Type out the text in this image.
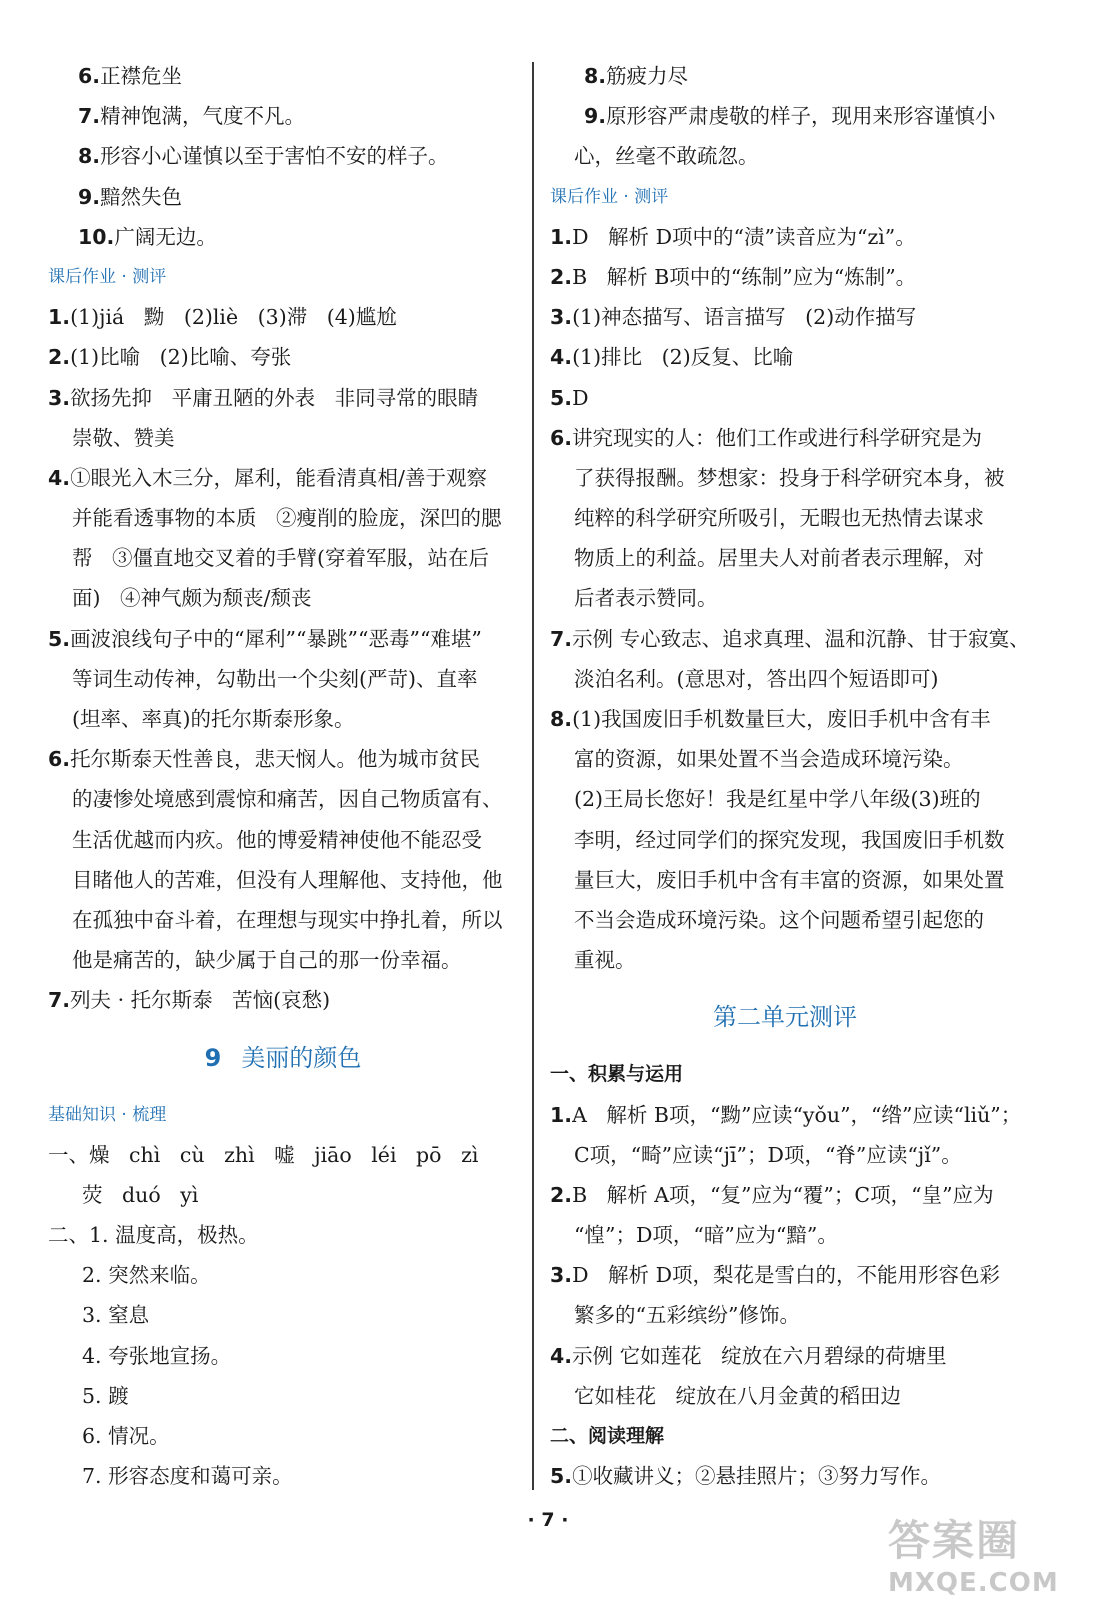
6.正襟危坐
7.精神饱满，气度不凡。
8.形容小心谨慎以至于害怕不安的样子。
9.黯然失色
10.广阔无边。
课后作业 · 测评
1.(1)jiá   黝   (2)liè   (3)滞   (4)尴尬
2.(1)比喻   (2)比喻、夸张
3.欲扬先抑   平庸丑陋的外表   非同寻常的眼睛
崇敬、赞美
4.①眼光入木三分，犀利，能看清真相/善于观察
并能看透事物的本质   ②瘦削的脸庞，深凹的腮
帮   ③僵直地交叉着的手臂(穿着军服，站在后
面)   ④神气颇为颓丧/颓丧
5.画波浪线句子中的“犀利”“暴跳”“恶毒”“难堪”
等词生动传神，勾勒出一个尖刻(严苛)、直率
(坦率、率真)的托尔斯泰形象。
6.托尔斯泰天性善良，悲天悯人。他为城市贫民
的凄惨处境感到震惊和痛苦，因自己物质富有、
生活优越而内疚。他的博爱精神使他不能忍受
目睹他人的苦难，但没有人理解他、支持他，他
在孤独中奋斗着，在理想与现实中挣扎着，所以
他是痛苦的，缺少属于自己的那一份幸福。
7.列夫 · 托尔斯泰   苦恼(哀愁)
9 美丽的颜色
基础知识 · 梳理
一、燥   chì   cù   zhì   嘘   jiāo   léi   pō   zì
荧   duó   yì
二、1. 温度高，极热。
2. 突然来临。
3. 窒息
4. 夸张地宣扬。
5. 踱
6. 情况。
7. 形容态度和蔼可亲。
8.筋疲力尽
9.原形容严肃虔敬的样子，现用来形容谨慎小
心，丝毫不敢疏忽。
课后作业 · 测评
1.D   解析 D项中的“渍”读音应为“zì”。
2.B   解析 B项中的“练制”应为“炼制”。
3.(1)神态描写、语言描写   (2)动作描写
4.(1)排比   (2)反复、比喻
5.D
6.讲究现实的人：他们工作或进行科学研究是为
了获得报酬。梦想家：投身于科学研究本身，被
纯粹的科学研究所吸引，无暇也无热情去谋求
物质上的利益。居里夫人对前者表示理解，对
后者表示赞同。
7.示例 专心致志、追求真理、温和沉静、甘于寂寞、
淡泊名利。(意思对，答出四个短语即可)
8.(1)我国废旧手机数量巨大，废旧手机中含有丰
富的资源，如果处置不当会造成环境污染。
(2)王局长您好！我是红星中学八年级(3)班的
李明，经过同学们的探究发现，我国废旧手机数
量巨大，废旧手机中含有丰富的资源，如果处置
不当会造成环境污染。这个问题希望引起您的
重视。
第二单元测评
一、积累与运用
1.A   解析 B项，“黝”应读“yǒu”，“绺”应读“liǔ”；
C项，“畸”应读“jī”；D项，“脊”应读“jǐ”。
2.B   解析 A项，“复”应为“覆”；C项，“皇”应为
“惶”；D项，“暗”应为“黯”。
3.D   解析 D项，梨花是雪白的，不能用形容色彩
繁多的“五彩缤纷”修饰。
4.示例 它如莲花   绽放在六月碧绿的荷塘里
它如桂花   绽放在八月金黄的稻田边
二、阅读理解
5.①收藏讲义；②悬挂照片；③努力写作。
· 7 ·	答案圈
MXQE.COM
